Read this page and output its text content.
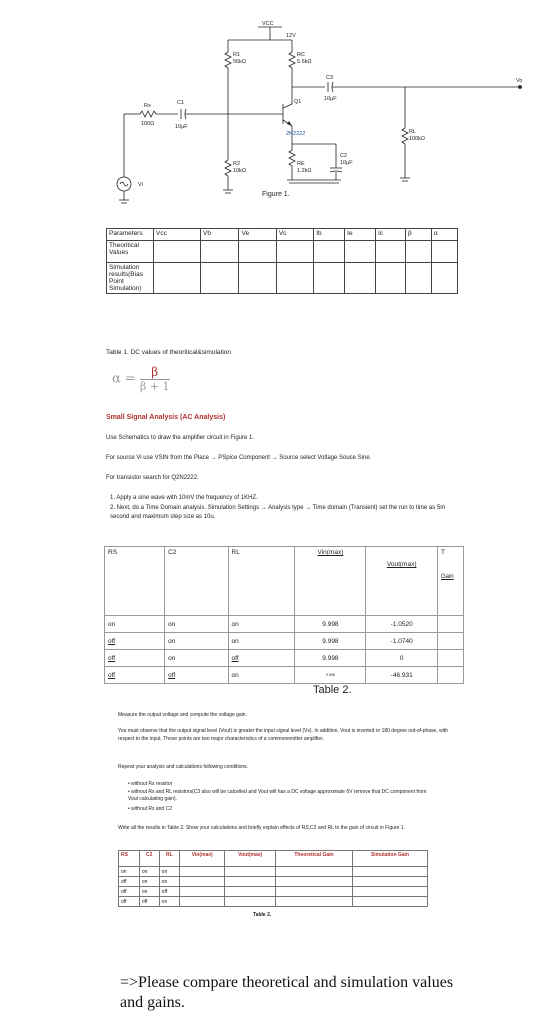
VCC
12V
R1
56kΩ
RC
5.6kΩ
C3
10µF
Vo
Rs
100Ω
C1
10µF
Q1
2N2222	RL
100kΩ
Vi
R2
10kΩ
RE
1.2kΩ
C2
10µF
Figure 1.
Parameters	Vcc	Vb	Ve	Vc	Ib	Ie	Ic	β	α
Theoritical Values									
Simulation results(Bias Point Simulation)									
Table 1. DC values of theoritical&simulation
$\alpha = \frac{\beta}{\beta + 1}$
Small Signal Analysis (AC Analysis)
Use Schematics to draw the amplifier circuit in Figure 1.
For source Vi use VSIN from the Place → PSpice Component → Source select Voltage Souce Sine.
For transistor search for Q2N2222.
1. Apply a sine wave with 10mV the frequency of 1KHZ.
2. Next, do a Time Domain analysis. Simulation Settings → Analysis type → Time domain (Transient) set the run to time as 5m second and maximum step size as 10u.
RS	C2	RL	Vin(max)	Vout(max)	T
Gain

on	on	on	9.998	-1.0520	
off	on	on	9.998	-1.0740	
off	on	off	9.998	0	
off	off	on	9.998	-46.931	
Table 2.
Measure the output voltage and compute the voltage gain.
You must observe that the output signal level (Vout) is greater the input signal level (Vs). In addition, Vout is inverted or 180 degree out-of-phase, with respect to the input. Those points are two major characteristics of a commonemitter amplifier.
Repeat your analysis and calculations following conditions.
• without Rs resistor
• without Rs and RL resistors(C3 also will be calcelled and Vout will has a DC voltage approximate 6V remove that DC component from Vout calculating gain).
• without Rs and C2
Write all the results in Table 2. Show your calculations and briefly explain effects of RS,C2 and RL to the gain of circuit in Figure 1.
RS	C2	RL	Vin(max)	Vout(max)	Theoretical Gain	Simulation Gain
on	on	on				
off	on	on				
off	on	off				
off	off	on				
Table 2.
=>Please compare theoretical and simulation values and gains.
